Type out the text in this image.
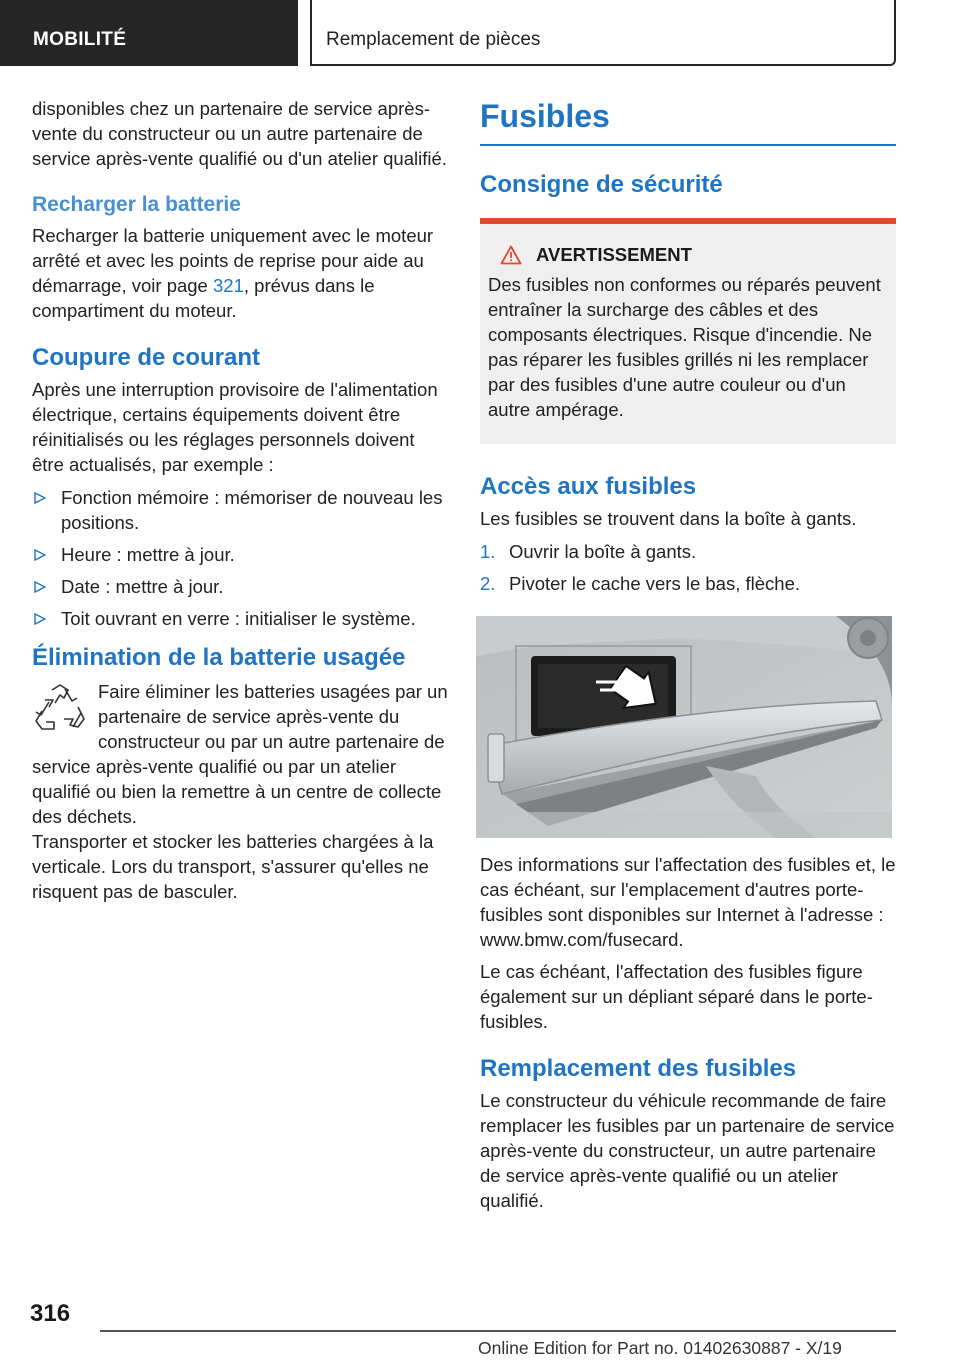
MOBILITÉ	Remplacement de pièces

disponibles chez un partenaire de service après-vente du constructeur ou un autre partenaire de service après-vente qualifié ou d'un atelier qualifié.

Recharger la batterie

Recharger la batterie uniquement avec le moteur arrêté et avec les points de reprise pour aide au démarrage, voir page 321, prévus dans le compartiment du moteur.

Coupure de courant

Après une interruption provisoire de l'alimentation électrique, certains équipements doivent être réinitialisés ou les réglages personnels doivent être actualisés, par exemple :

Fonction mémoire : mémoriser de nouveau les positions.
Heure : mettre à jour.
Date : mettre à jour.
Toit ouvrant en verre : initialiser le système.
Élimination de la batterie usagée

Faire éliminer les batteries usagées par un partenaire de service après-vente du constructeur ou par un autre partenaire de service après-vente qualifié ou par un atelier qualifié ou bien la remettre à un centre de collecte des déchets.

Transporter et stocker les batteries chargées à la verticale. Lors du transport, s'assurer qu'elles ne risquent pas de basculer.

Fusibles
Consigne de sécurité
AVERTISSEMENT

Des fusibles non conformes ou réparés peuvent entraîner la surcharge des câbles et des composants électriques. Risque d'incendie. Ne pas réparer les fusibles grillés ni les remplacer par des fusibles d'une autre couleur ou d'un autre ampérage.

Accès aux fusibles

Les fusibles se trouvent dans la boîte à gants.

1. Ouvrir la boîte à gants.
2. Pivoter le cache vers le bas, flèche.

Des informations sur l'affectation des fusibles et, le cas échéant, sur l'emplacement d'autres porte-fusibles sont disponibles sur Internet à l'adresse : www.bmw.com/fusecard.

Le cas échéant, l'affectation des fusibles figure également sur un dépliant séparé dans le porte-fusibles.

Remplacement des fusibles

Le constructeur du véhicule recommande de faire remplacer les fusibles par un partenaire de service après-vente du constructeur, un autre partenaire de service après-vente qualifié ou un atelier qualifié.

316
Online Edition for Part no. 01402630887 - X/19
